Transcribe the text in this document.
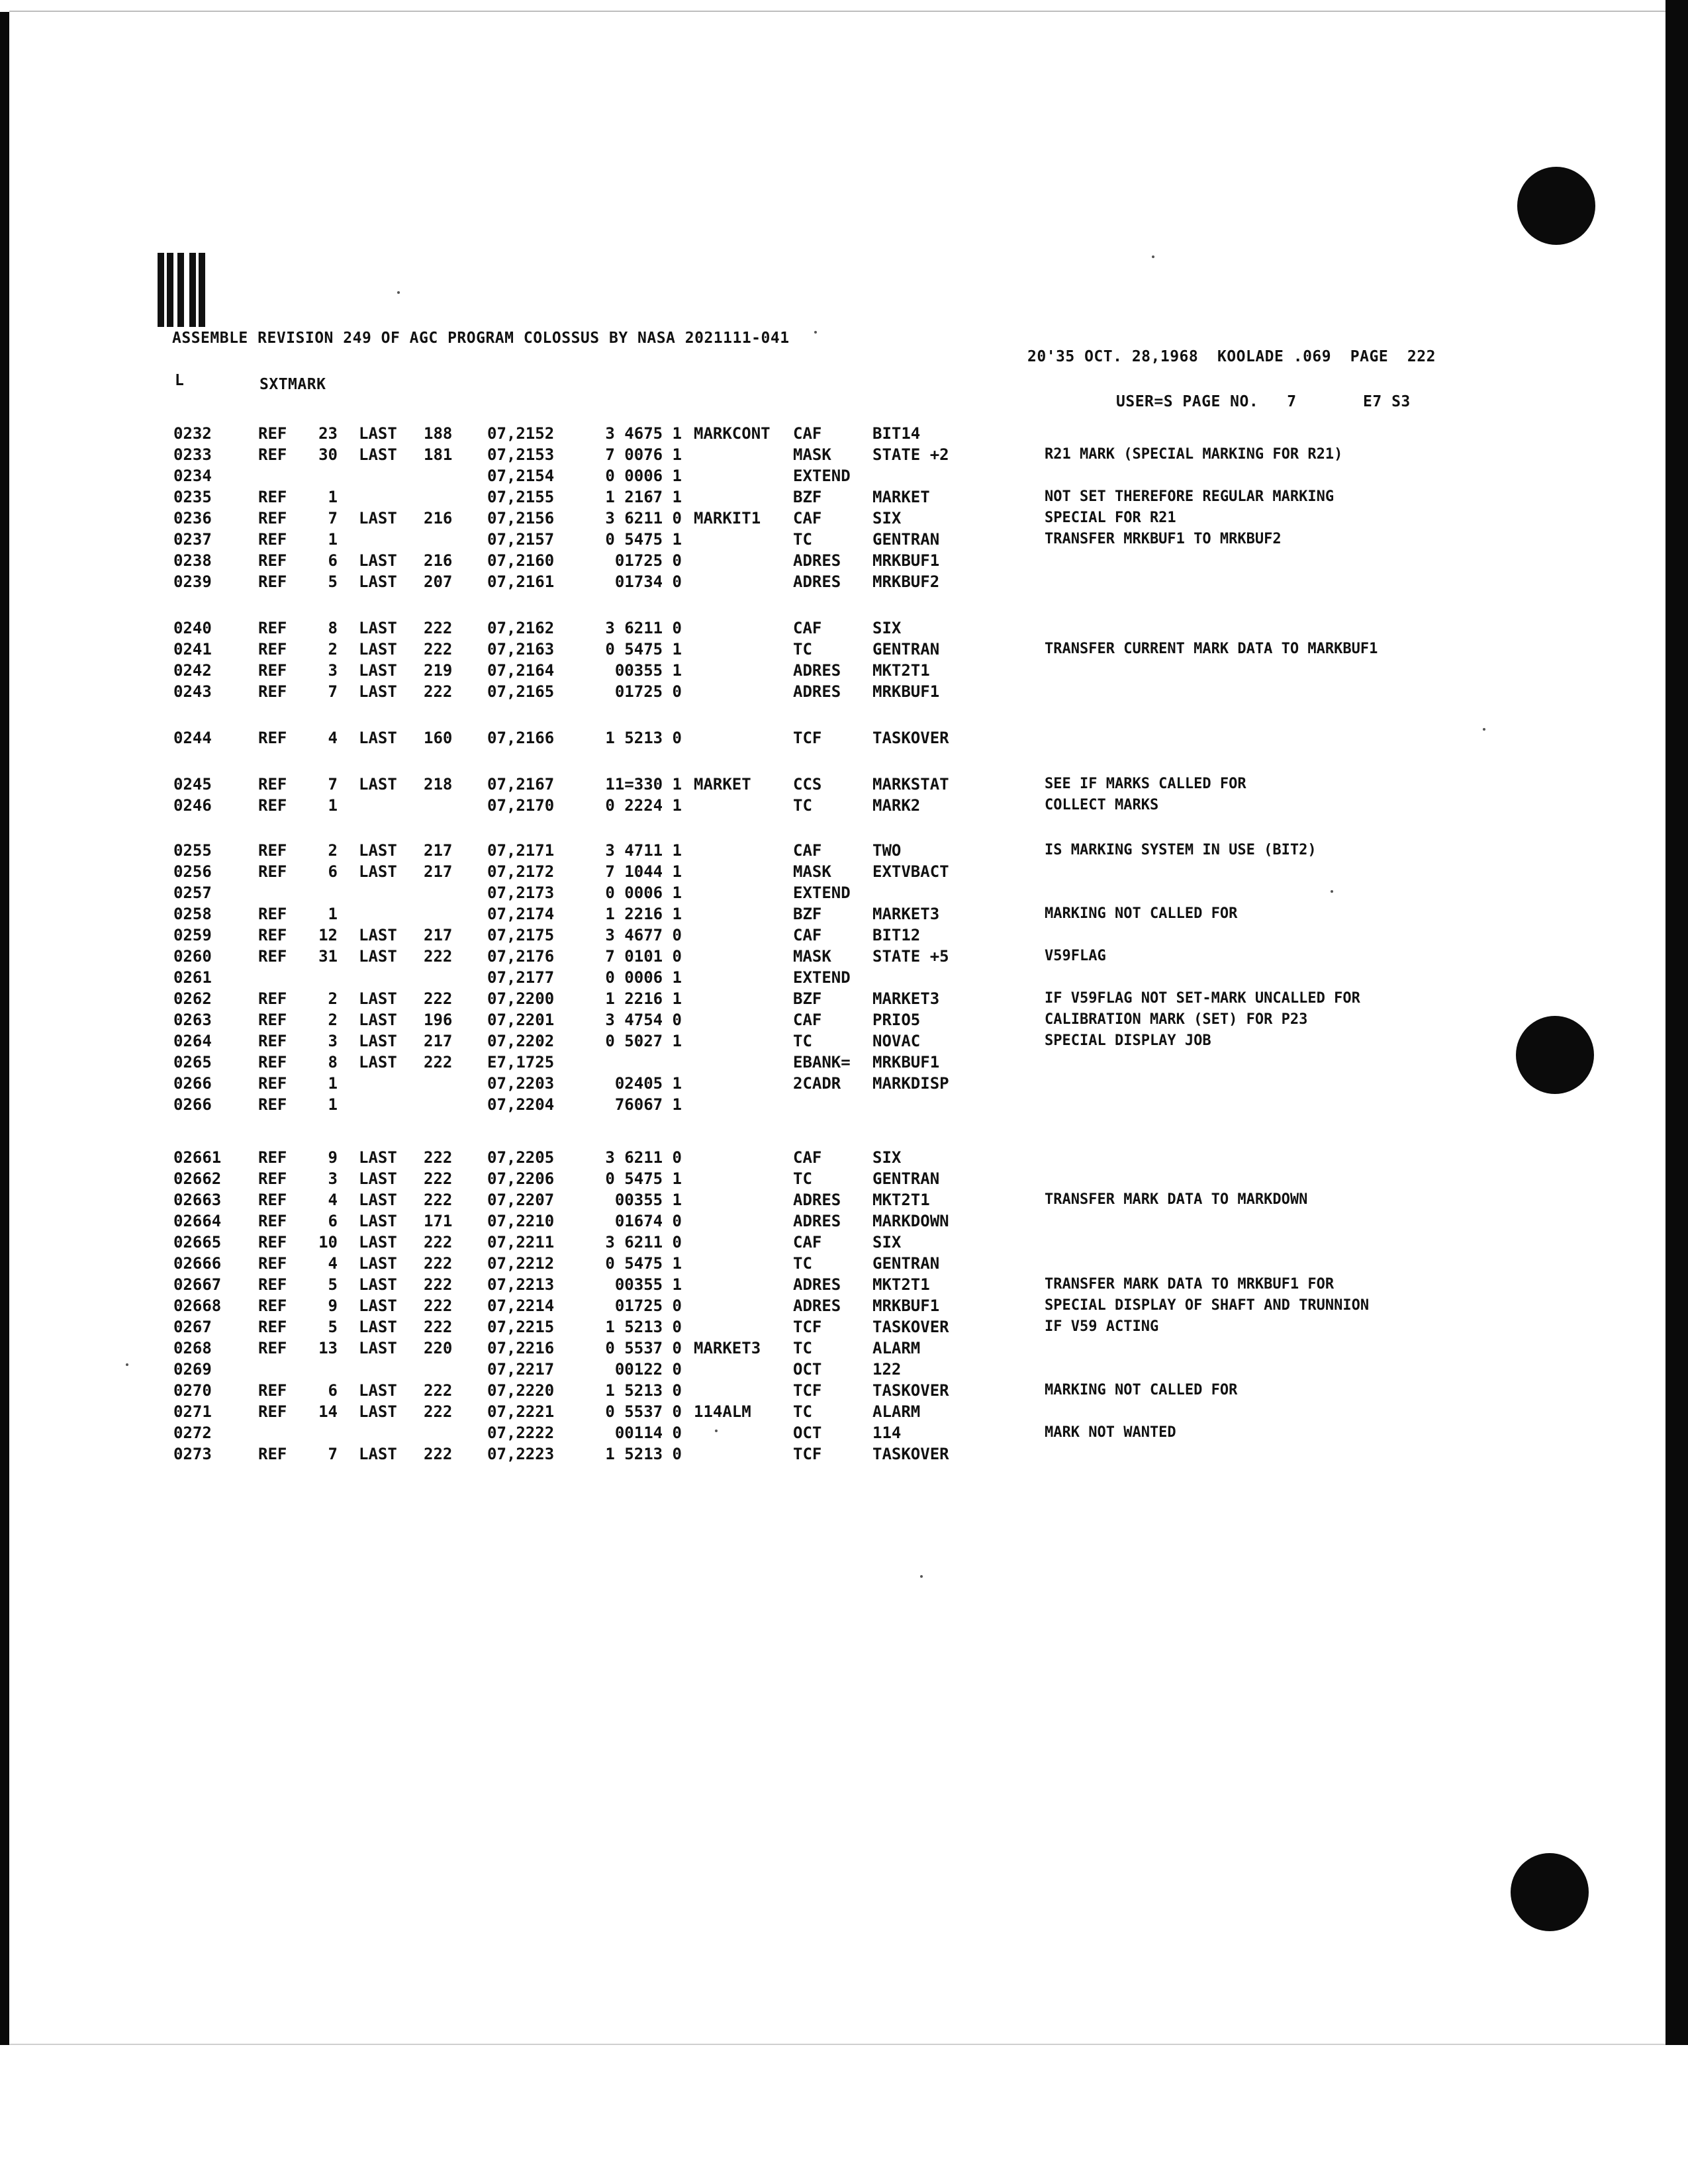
ASSEMBLE REVISION 249 OF AGC PROGRAM COLOSSUS BY NASA 2021111-041
20'35 OCT. 28,1968  KOOLADE .069  PAGE  222
L	SXTMARK
USER=S PAGE NO.   7       E7 S3
0232	REF	23 LAST 188 07,2152	3 4675 1 MARKCONT CAF	BIT14
0233	REF	30 LAST 181 07,2153	7 0076 1	MASK	STATE +2	R21 MARK (SPECIAL MARKING FOR R21)
0234	07,2154	0 0006 1	EXTEND
0235	REF	1	07,2155	1 2167 1	BZF	MARKET	NOT SET THEREFORE REGULAR MARKING
0236	REF	7 LAST 216 07,2156	3 6211 0 MARKIT1 CAF	SIX	SPECIAL FOR R21
0237	REF	1	07,2157	0 5475 1	TC	GENTRAN	TRANSFER MRKBUF1 TO MRKBUF2
0238	REF	6 LAST 216 07,2160	01725 0	ADRES MRKBUF1
0239	REF	5 LAST 207 07,2161	01734 0	ADRES MRKBUF2
0240	REF	8 LAST 222 07,2162	3 6211 0	CAF	SIX
0241	REF	2 LAST 222 07,2163	0 5475 1	TC	GENTRAN	TRANSFER CURRENT MARK DATA TO MARKBUF1
0242	REF	3 LAST 219 07,2164	00355 1	ADRES MKT2T1
0243	REF	7 LAST 222 07,2165	01725 0	ADRES MRKBUF1
0244	REF	4 LAST 160 07,2166	1 5213 0	TCF	TASKOVER
0245	REF	7 LAST 218 07,2167	11=330 1 MARKET	CCS	MARKSTAT	SEE IF MARKS CALLED FOR
0246	REF	1	07,2170	0 2224 1	TC	MARK2	COLLECT MARKS
0255	REF	2 LAST 217 07,2171	3 4711 1	CAF	TWO	IS MARKING SYSTEM IN USE (BIT2)
0256	REF	6 LAST 217 07,2172	7 1044 1	MASK	EXTVBACT
0257	07,2173	0 0006 1	EXTEND
0258	REF	1	07,2174	1 2216 1	BZF	MARKET3	MARKING NOT CALLED FOR
0259	REF	12 LAST 217 07,2175	3 4677 0	CAF	BIT12
0260	REF	31 LAST 222 07,2176	7 0101 0	MASK	STATE +5	V59FLAG
0261	07,2177	0 0006 1	EXTEND
0262	REF	2 LAST 222 07,2200	1 2216 1	BZF	MARKET3	IF V59FLAG NOT SET-MARK UNCALLED FOR
0263	REF	2 LAST 196 07,2201	3 4754 0	CAF	PRIO5	CALIBRATION MARK (SET) FOR P23
0264	REF	3 LAST 217 07,2202	0 5027 1	TC	NOVAC	SPECIAL DISPLAY JOB
0265	REF	8 LAST 222 E7,1725	EBANK= MRKBUF1
0266	REF	1	07,2203	02405 1	2CADR MARKDISP
0266	REF	1	07,2204	76067 1
02661 REF	9 LAST 222 07,2205	3 6211 0	CAF	SIX
02662 REF	3 LAST 222 07,2206	0 5475 1	TC	GENTRAN
02663 REF	4 LAST 222 07,2207	00355 1	ADRES MKT2T1	TRANSFER MARK DATA TO MARKDOWN
02664 REF	6 LAST 171 07,2210	01674 0	ADRES MARKDOWN
02665 REF	10 LAST 222 07,2211	3 6211 0	CAF	SIX
02666 REF	4 LAST 222 07,2212	0 5475 1	TC	GENTRAN
02667 REF	5 LAST 222 07,2213	00355 1	ADRES MKT2T1	TRANSFER MARK DATA TO MRKBUF1 FOR
02668 REF	9 LAST 222 07,2214	01725 0	ADRES MRKBUF1	SPECIAL DISPLAY OF SHAFT AND TRUNNION
0267	REF	5 LAST 222 07,2215	1 5213 0	TCF	TASKOVER	IF V59 ACTING
0268	REF	13 LAST 220 07,2216	0 5537 0 MARKET3 TC	ALARM
0269	07,2217	00122 0	OCT	122
0270	REF	6 LAST 222 07,2220	1 5213 0	TCF	TASKOVER	MARKING NOT CALLED FOR
0271	REF	14 LAST 222 07,2221	0 5537 0 114ALM	TC	ALARM
0272	07,2222	00114 0	OCT	114	MARK NOT WANTED
0273	REF	7 LAST 222 07,2223	1 5213 0	TCF	TASKOVER
